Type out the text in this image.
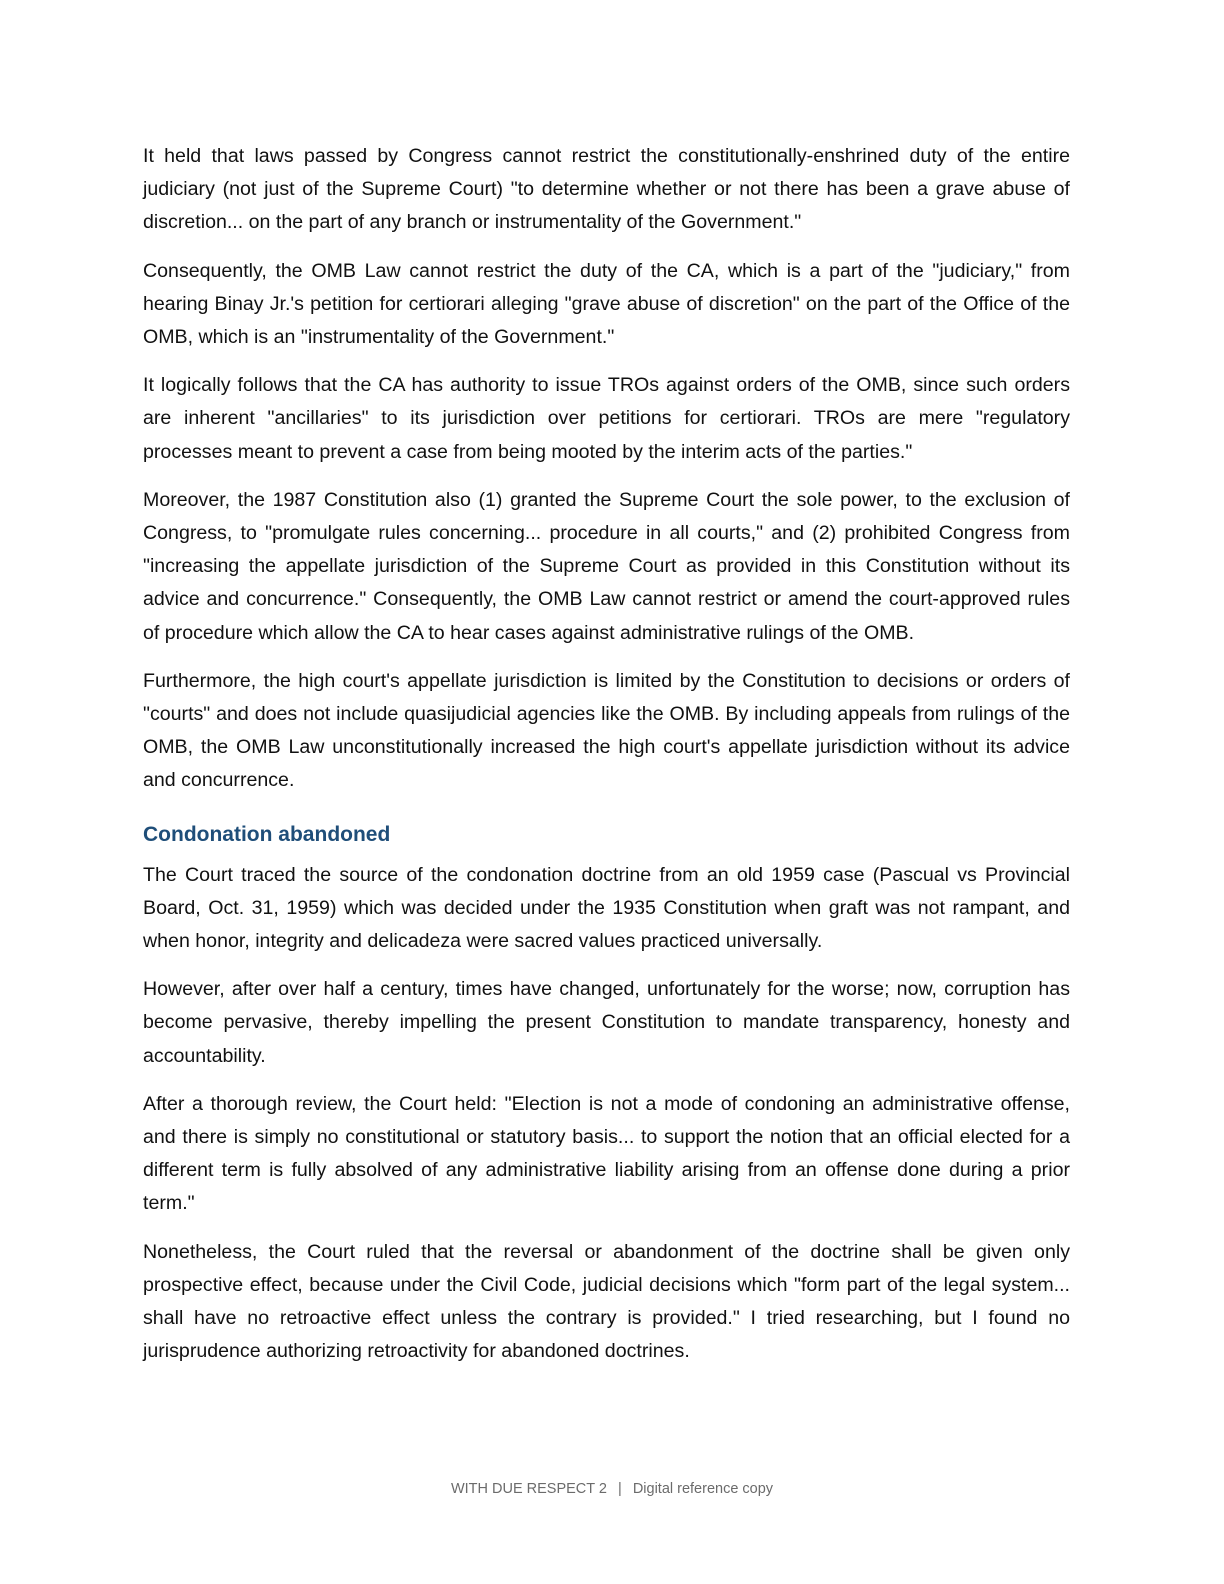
It held that laws passed by Congress cannot restrict the constitutionally-enshrined duty of the entire judiciary (not just of the Supreme Court) "to determine whether or not there has been a grave abuse of discretion... on the part of any branch or instrumentality of the Government."

Consequently, the OMB Law cannot restrict the duty of the CA, which is a part of the "judiciary," from hearing Binay Jr.'s petition for certiorari alleging "grave abuse of discretion" on the part of the Office of the OMB, which is an "instrumentality of the Government."

It logically follows that the CA has authority to issue TROs against orders of the OMB, since such orders are inherent "ancillaries" to its jurisdiction over petitions for certiorari. TROs are mere "regulatory processes meant to prevent a case from being mooted by the interim acts of the parties."

Moreover, the 1987 Constitution also (1) granted the Supreme Court the sole power, to the exclusion of Congress, to "promulgate rules concerning... procedure in all courts," and (2) prohibited Congress from "increasing the appellate jurisdiction of the Supreme Court as provided in this Constitution without its advice and concurrence." Consequently, the OMB Law cannot restrict or amend the court-approved rules of procedure which allow the CA to hear cases against administrative rulings of the OMB.

Furthermore, the high court's appellate jurisdiction is limited by the Constitution to decisions or orders of "courts" and does not include quasijudicial agencies like the OMB. By including appeals from rulings of the OMB, the OMB Law unconstitutionally increased the high court's appellate jurisdiction without its advice and concurrence.

Condonation abandoned

The Court traced the source of the condonation doctrine from an old 1959 case (Pascual vs Provincial Board, Oct. 31, 1959) which was decided under the 1935 Constitution when graft was not rampant, and when honor, integrity and delicadeza were sacred values practiced universally.

However, after over half a century, times have changed, unfortunately for the worse; now, corruption has become pervasive, thereby impelling the present Constitution to mandate transparency, honesty and accountability.

After a thorough review, the Court held: "Election is not a mode of condoning an administrative offense, and there is simply no constitutional or statutory basis... to support the notion that an official elected for a different term is fully absolved of any administrative liability arising from an offense done during a prior term."

Nonetheless, the Court ruled that the reversal or abandonment of the doctrine shall be given only prospective effect, because under the Civil Code, judicial decisions which "form part of the legal system... shall have no retroactive effect unless the contrary is provided." I tried researching, but I found no jurisprudence authorizing retroactivity for abandoned doctrines.

WITH DUE RESPECT 2 | Digital reference copy
